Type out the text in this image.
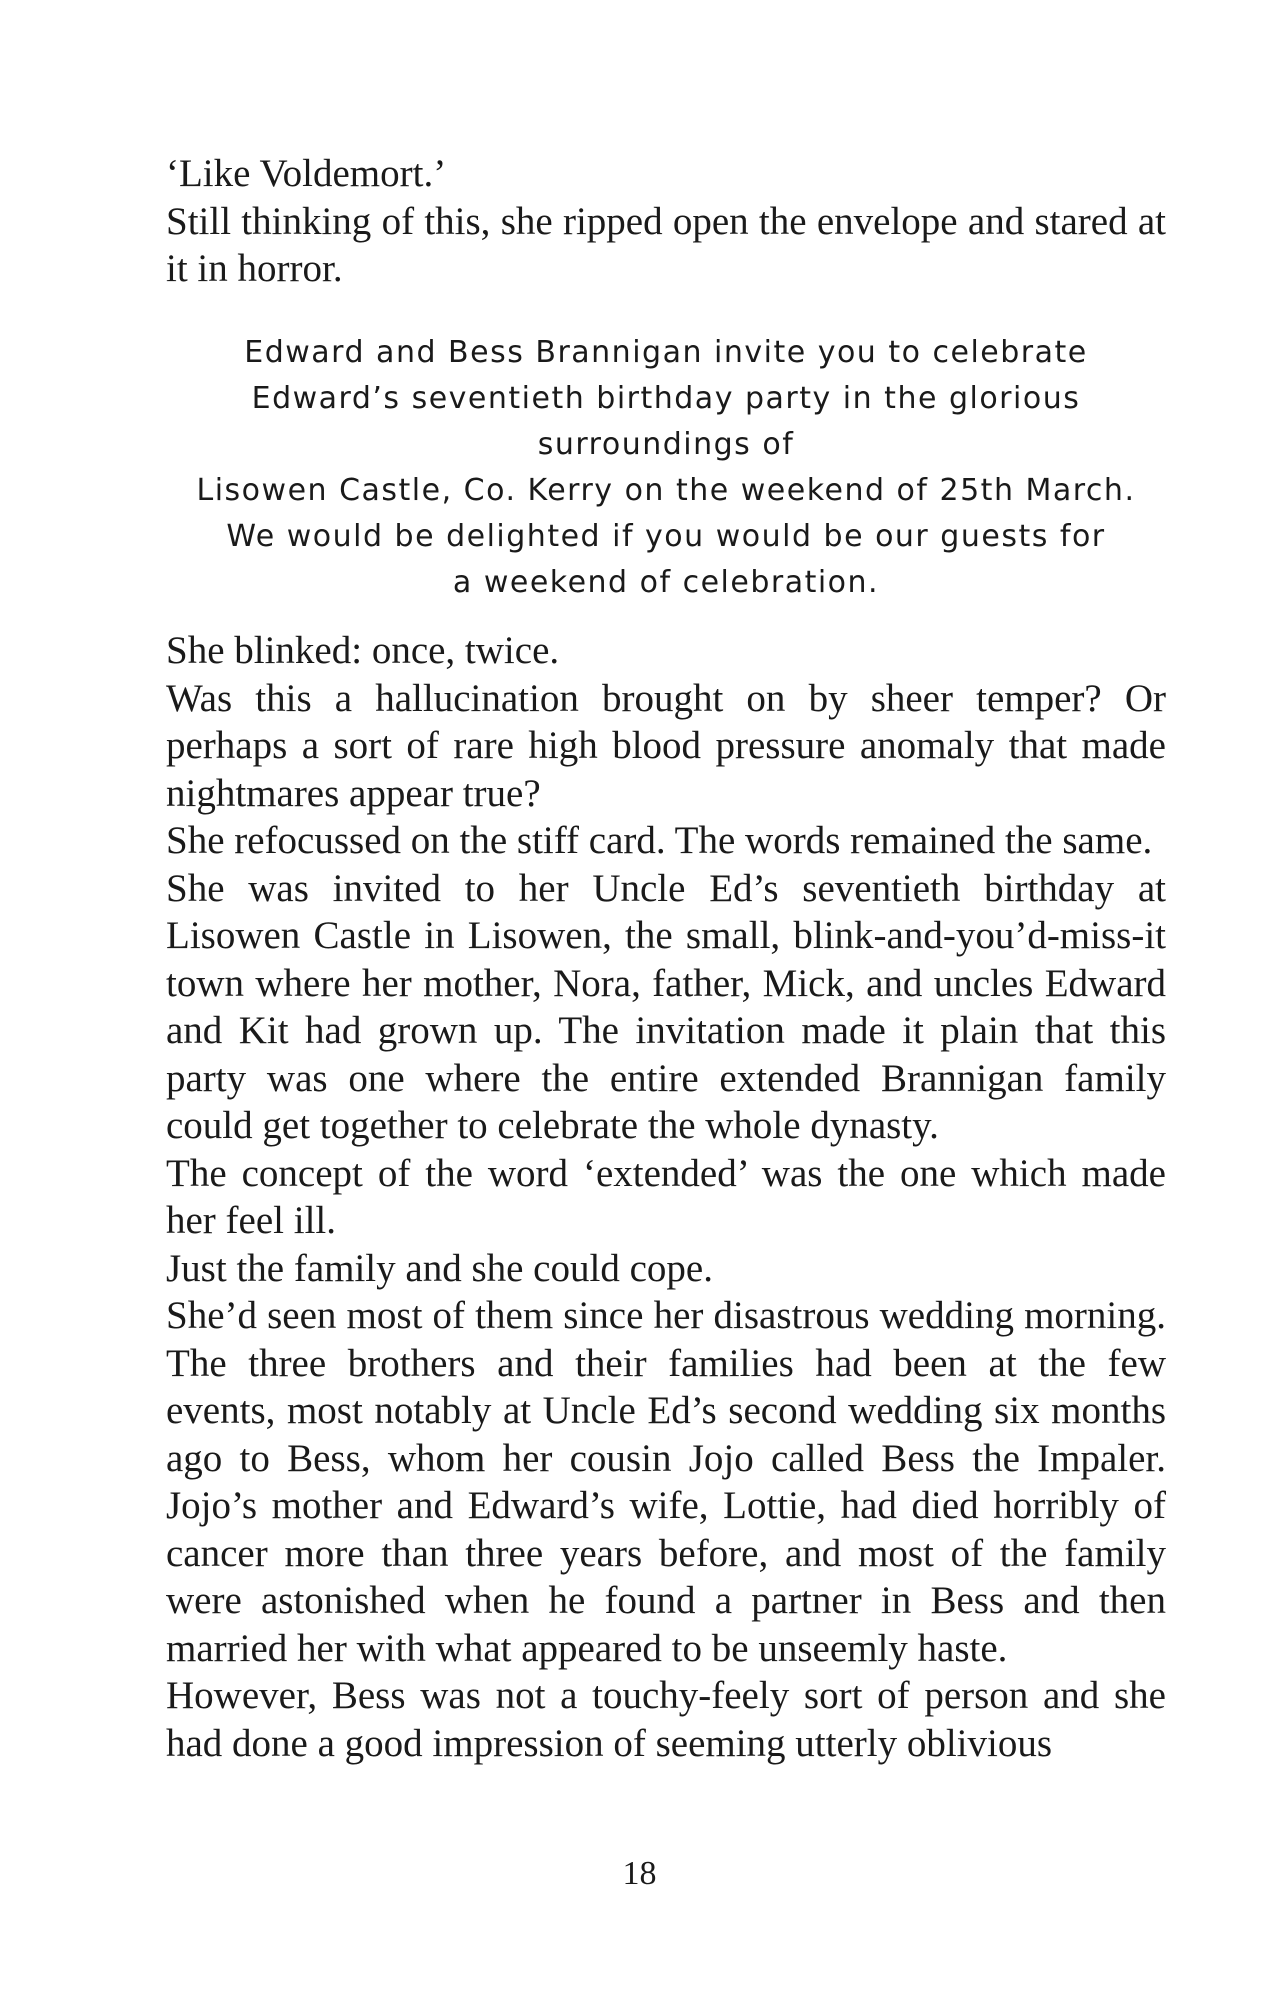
‘Like Voldemort.’

Still thinking of this, she ripped open the envelope and stared at it in horror.

Edward and Bess Brannigan invite you to celebrate

Edward’s seventieth birthday party in the glorious surroundings of

Lisowen Castle, Co. Kerry on the weekend of 25th March.

We would be delighted if you would be our guests for

a weekend of celebration.

She blinked: once, twice.

Was this a hallucination brought on by sheer temper? Or perhaps a sort of rare high blood pressure anomaly that made nightmares appear true?

She refocussed on the stiff card. The words remained the same.

She was invited to her Uncle Ed’s seventieth birthday at Lisowen Castle in Lisowen, the small, blink-and-you’d-miss-it town where her mother, Nora, father, Mick, and uncles Edward and Kit had grown up. The invitation made it plain that this party was one where the entire extended Brannigan family could get together to celebrate the whole dynasty.

The concept of the word ‘extended’ was the one which made her feel ill.

Just the family and she could cope.

She’d seen most of them since her disastrous wedding morning. The three brothers and their families had been at the few events, most notably at Uncle Ed’s second wedding six months ago to Bess, whom her cousin Jojo called Bess the Impaler. Jojo’s mother and Edward’s wife, Lottie, had died horribly of cancer more than three years before, and most of the family were astonished when he found a partner in Bess and then married her with what appeared to be unseemly haste.

However, Bess was not a touchy-feely sort of person and she had done a good impression of seeming utterly oblivious

18
